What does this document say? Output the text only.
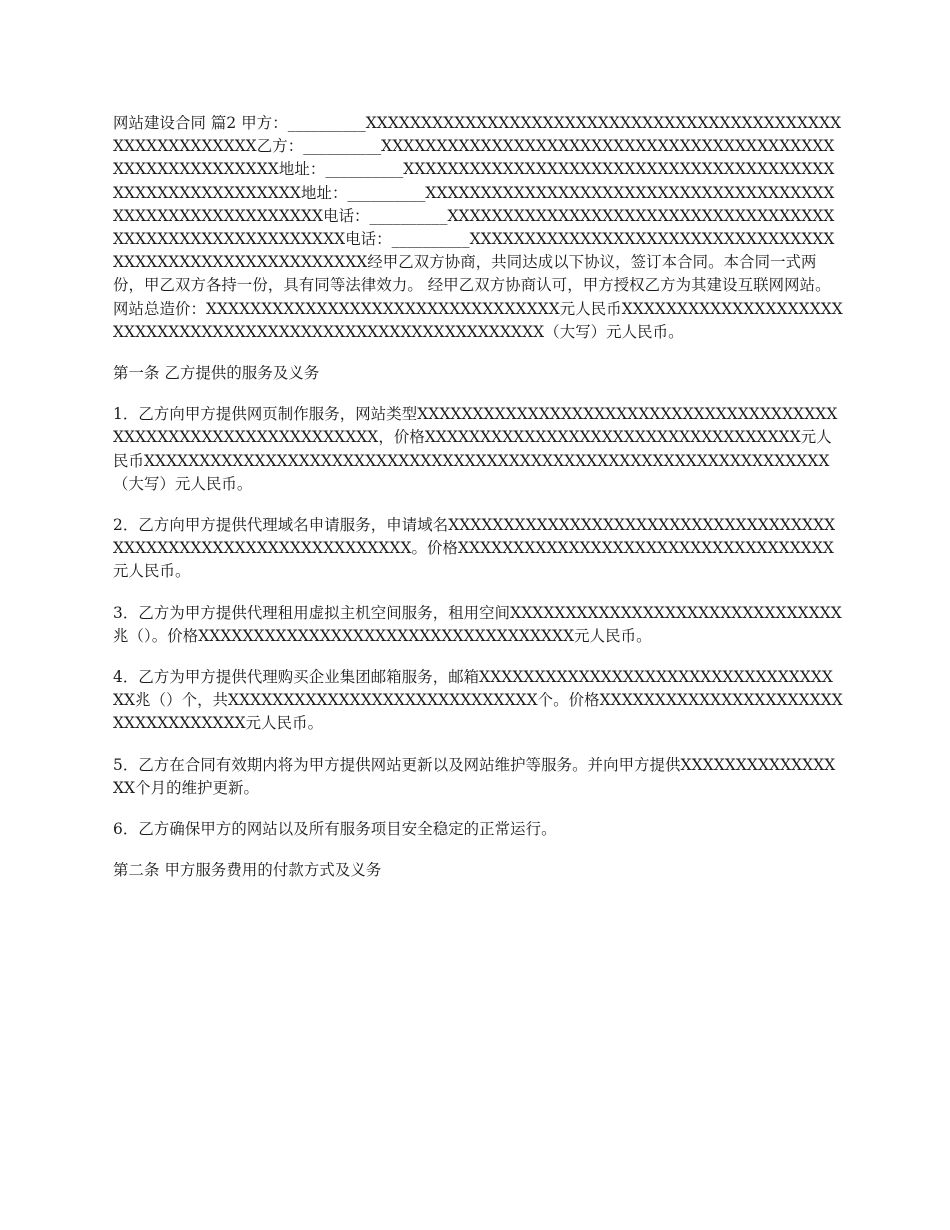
网站建设合同 篇2 甲方：__________XXXXXXXXXXXXXXXXXXXXXXXXXXXXXXXXXXXXXXXXXXXXXXXXXXXXXXXX乙方：__________XXXXXXXXXXXXXXXXXXXXXXXXXXXXXXXXXXXXXXXXXXXXXXXXXXXXXXXX地址：__________XXXXXXXXXXXXXXXXXXXXXXXXXXXXXXXXXXXXXXXXXXXXXXXXXXXXXXXX地址：__________XXXXXXXXXXXXXXXXXXXXXXXXXXXXXXXXXXXXXXXXXXXXXXXXXXXXXXXX电话：__________XXXXXXXXXXXXXXXXXXXXXXXXXXXXXXXXXXXXXXXXXXXXXXXXXXXXXXXX电话：__________XXXXXXXXXXXXXXXXXXXXXXXXXXXXXXXXXXXXXXXXXXXXXXXXXXXXXXXX经甲乙双方协商，共同达成以下协议，签订本合同。本合同一式两份，甲乙双方各持一份，具有同等法律效力。 经甲乙双方协商认可，甲方授权乙方为其建设互联网网站。网站总造价：XXXXXXXXXXXXXXXXXXXXXXXXXXXXXXXX元人民币XXXXXXXXXXXXXXXXXXXXXXXXXXXXXXXXXXXXXXXXXXXXXXXXXXXXXXXXXXX（大写）元人民币。

第一条 乙方提供的服务及义务

1．乙方向甲方提供网页制作服务，网站类型XXXXXXXXXXXXXXXXXXXXXXXXXXXXXXXXXXXXXXXXXXXXXXXXXXXXXXXXXXXXXX，价格XXXXXXXXXXXXXXXXXXXXXXXXXXXXXXXXXX元人民币XXXXXXXXXXXXXXXXXXXXXXXXXXXXXXXXXXXXXXXXXXXXXXXXXXXXXXXXXXXXXX（大写）元人民币。

2．乙方向甲方提供代理域名申请服务，申请域名XXXXXXXXXXXXXXXXXXXXXXXXXXXXXXXXXXXXXXXXXXXXXXXXXXXXXXXXXXXXXX。价格XXXXXXXXXXXXXXXXXXXXXXXXXXXXXXXXXX元人民币。

3．乙方为甲方提供代理租用虚拟主机空间服务，租用空间XXXXXXXXXXXXXXXXXXXXXXXXXXXXXX兆（）。价格XXXXXXXXXXXXXXXXXXXXXXXXXXXXXXXXXX元人民币。

4．乙方为甲方提供代理购买企业集团邮箱服务，邮箱XXXXXXXXXXXXXXXXXXXXXXXXXXXXXXXXXX兆（）个，共XXXXXXXXXXXXXXXXXXXXXXXXXXXX个。价格XXXXXXXXXXXXXXXXXXXXXXXXXXXXXXXXXX元人民币。

5．乙方在合同有效期内将为甲方提供网站更新以及网站维护等服务。并向甲方提供XXXXXXXXXXXXXXXX个月的维护更新。

6．乙方确保甲方的网站以及所有服务项目安全稳定的正常运行。

第二条 甲方服务费用的付款方式及义务
